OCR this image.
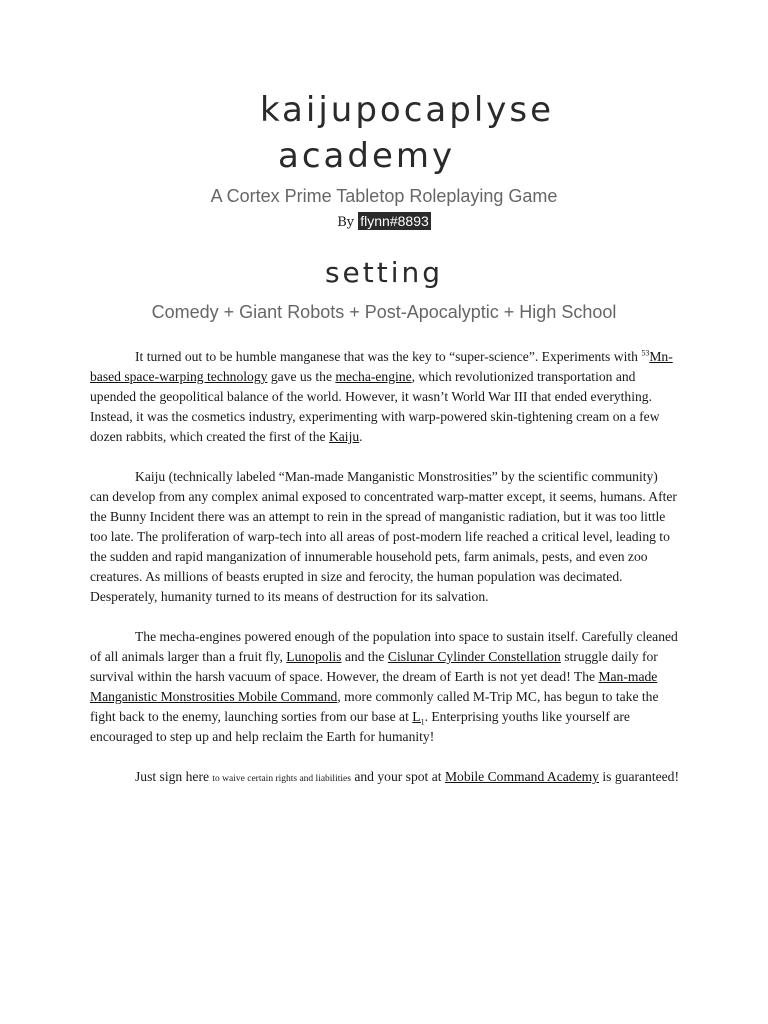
kaijupocaplyse
academy
A Cortex Prime Tabletop Roleplaying Game
By flynn#8893
setting
Comedy + Giant Robots + Post-Apocalyptic + High School

It turned out to be humble manganese that was the key to “super-science”. Experiments with $^{53}$Mn-based space-warping technology gave us the mecha-engine, which revolutionized transportation and upended the geopolitical balance of the world. However, it wasn’t World War III that ended everything. Instead, it was the cosmetics industry, experimenting with warp-powered skin-tightening cream on a few dozen rabbits, which created the first of the Kaiju.

Kaiju (technically labeled “Man-made Manganistic Monstrosities” by the scientific community) can develop from any complex animal exposed to concentrated warp-matter except, it seems, humans. After the Bunny Incident there was an attempt to rein in the spread of manganistic radiation, but it was too little too late. The proliferation of warp-tech into all areas of post-modern life reached a critical level, leading to the sudden and rapid manganization of innumerable household pets, farm animals, pests, and even zoo creatures. As millions of beasts erupted in size and ferocity, the human population was decimated. Desperately, humanity turned to its means of destruction for its salvation.

The mecha-engines powered enough of the population into space to sustain itself. Carefully cleaned of all animals larger than a fruit fly, Lunopolis and the Cislunar Cylinder Constellation struggle daily for survival within the harsh vacuum of space. However, the dream of Earth is not yet dead! The Man-made Manganistic Monstrosities Mobile Command, more commonly called M-Trip MC, has begun to take the fight back to the enemy, launching sorties from our base at $L_1$. Enterprising youths like yourself are encouraged to step up and help reclaim the Earth for humanity!

Just sign here to waive certain rights and liabilities and your spot at Mobile Command Academy is guaranteed!
